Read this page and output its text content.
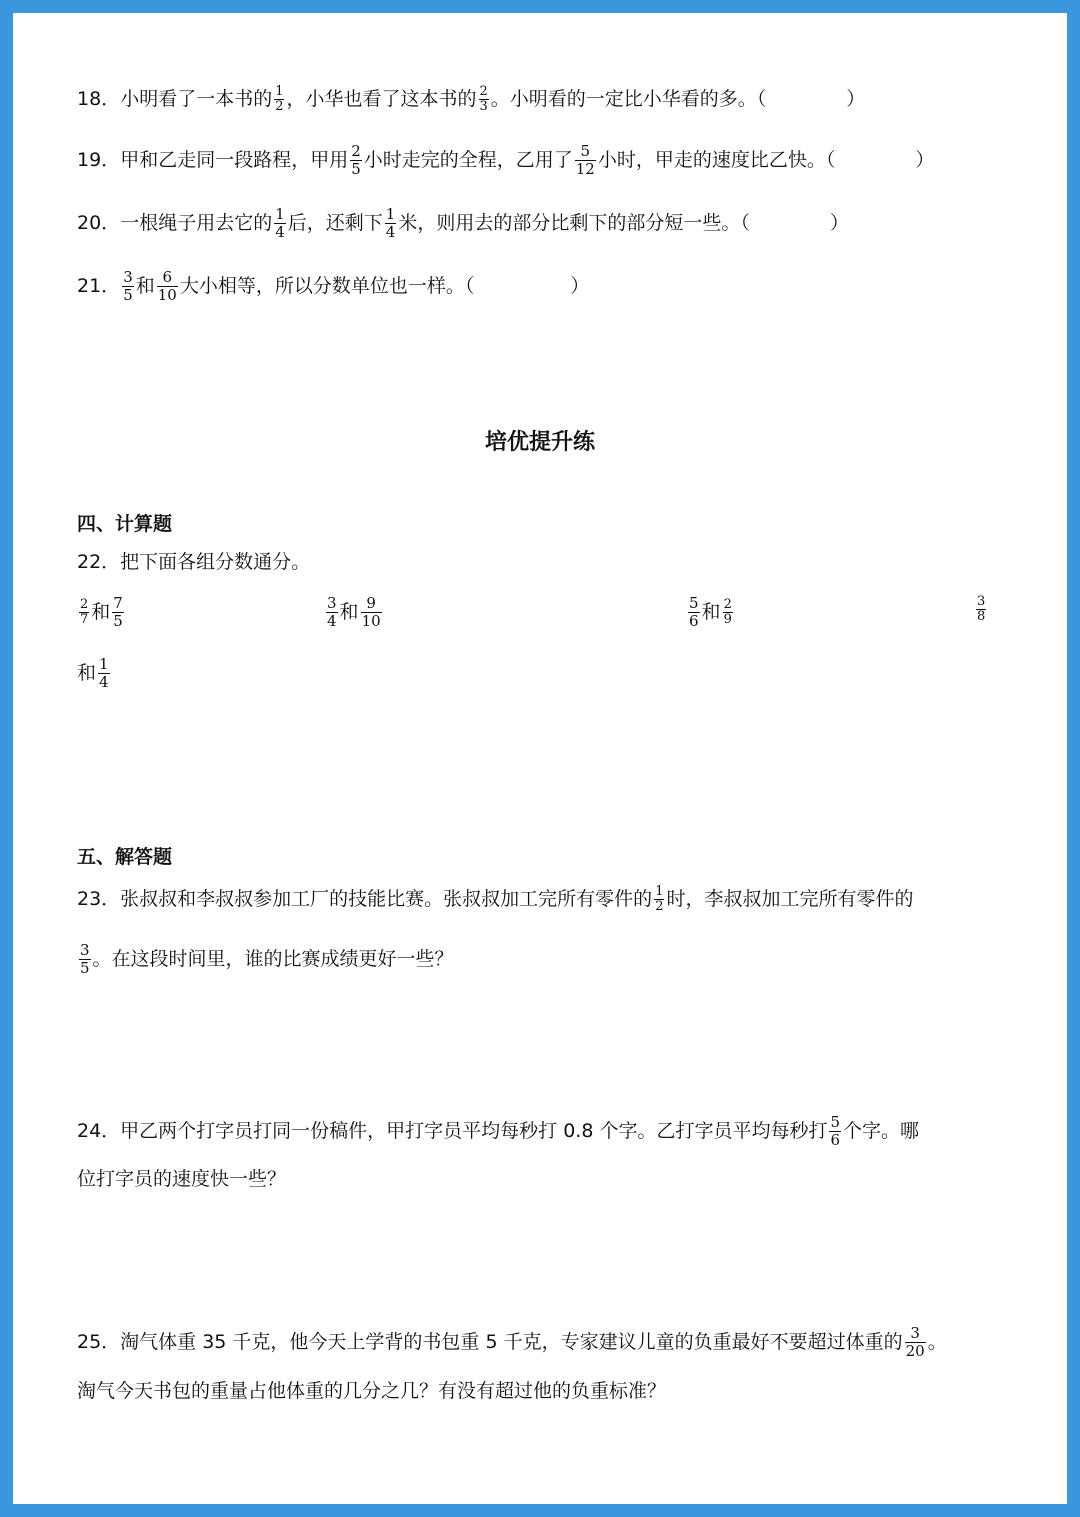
18．小明看了一本书的 $\frac{1}{2}$ ，小华也看了这本书的 $\frac{2}{3}$ 。小明看的一定比小华看的多。（	）
19．甲和乙走同一段路程，甲用 $\frac{2}{5}$ 小时走完的全程，乙用了 $\frac{5}{12}$ 小时，甲走的速度比乙快。（	）
20．一根绳子用去它的 $\frac{1}{4}$ 后，还剩下 $\frac{1}{4}$ 米，则用去的部分比剩下的部分短一些。（	）
21． $\frac{3}{5}$ 和 $\frac{6}{10}$ 大小相等，所以分数单位也一样。（	）
培优提升练
四、计算题
22．把下面各组分数通分。
$\frac{2}{7}$ 和 $\frac{7}{5}$	$\frac{3}{4}$ 和 $\frac{9}{10}$	$\frac{5}{6}$ 和 $\frac{2}{9}$	$\frac{3}{8}$
和 $\frac{1}{4}$
五、解答题
23．张叔叔和李叔叔参加工厂的技能比赛。张叔叔加工完所有零件的 $\frac{1}{2}$ 时，李叔叔加工完所有零件的
$\frac{3}{5}$ 。在这段时间里，谁的比赛成绩更好一些？
24．甲乙两个打字员打同一份稿件，甲打字员平均每秒打 0.8 个字。乙打字员平均每秒打 $\frac{5}{6}$ 个字。哪
位打字员的速度快一些？
25．淘气体重 35 千克，他今天上学背的书包重 5 千克，专家建议儿童的负重最好不要超过体重的 $\frac{3}{20}$ 。
淘气今天书包的重量占他体重的几分之几？有没有超过他的负重标准？
